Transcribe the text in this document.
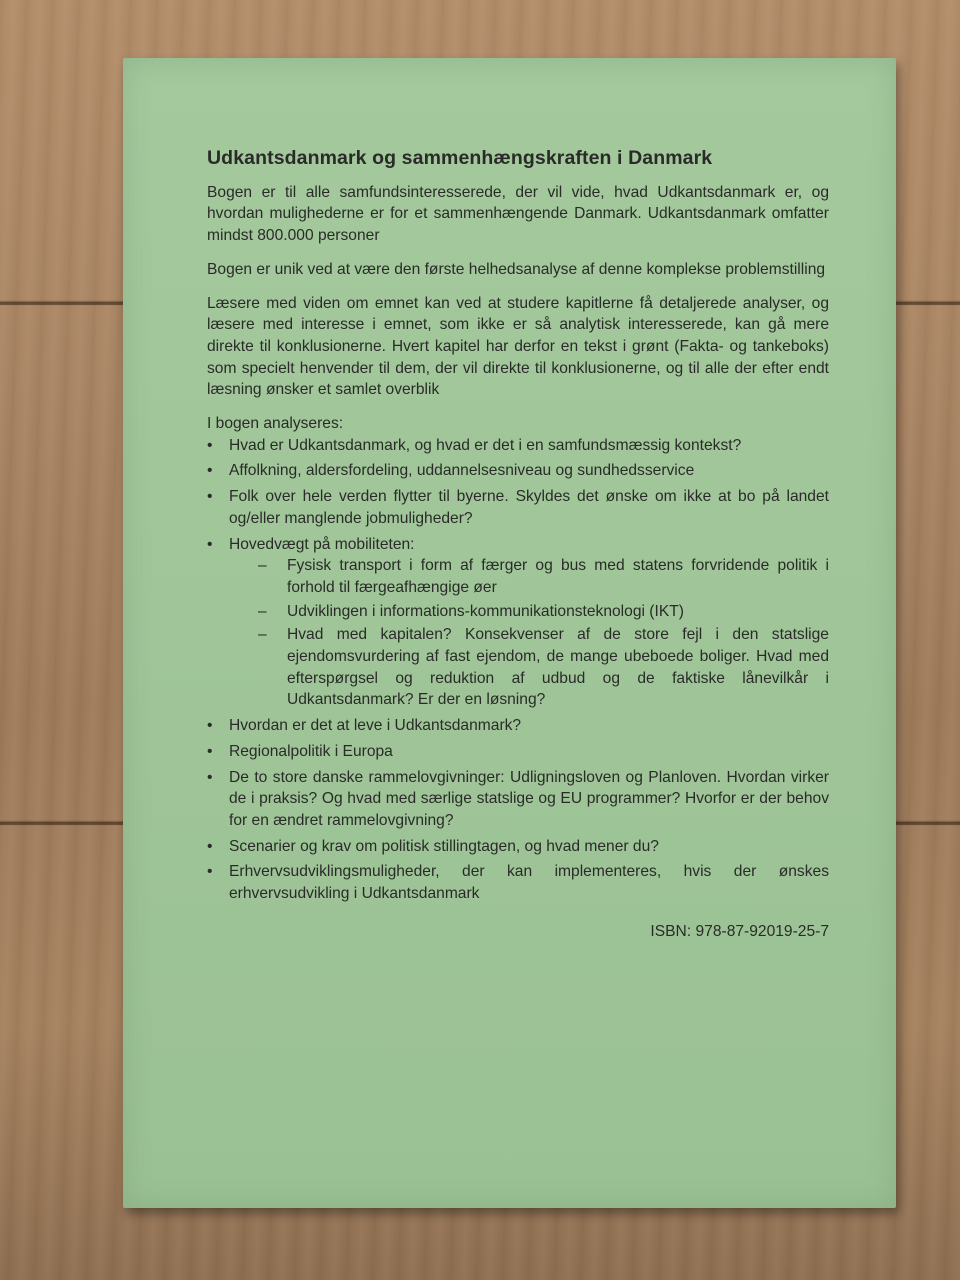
Udkantsdanmark og sammenhængskraften i Danmark

Bogen er til alle samfundsinteresserede, der vil vide, hvad Udkantsdanmark er, og hvordan mulighederne er for et sammenhængende Danmark. Udkantsdanmark omfatter mindst 800.000 personer

Bogen er unik ved at være den første helhedsanalyse af denne komplekse problemstilling

Læsere med viden om emnet kan ved at studere kapitlerne få detaljerede analyser, og læsere med interesse i emnet, som ikke er så analytisk interesserede, kan gå mere direkte til konklusionerne. Hvert kapitel har derfor en tekst i grønt (Fakta- og tankeboks) som specielt henvender til dem, der vil direkte til konklusionerne, og til alle der efter endt læsning ønsker et samlet overblik

I bogen analyseres:

• Hvad er Udkantsdanmark, og hvad er det i en samfundsmæssig kontekst?
• Affolkning, aldersfordeling, uddannelsesniveau og sundhedsservice
• Folk over hele verden flytter til byerne. Skyldes det ønske om ikke at bo på landet og/eller manglende jobmuligheder?
• Hovedvægt på mobiliteten:
– Fysisk transport i form af færger og bus med statens forvridende politik i forhold til færgeafhængige øer
– Udviklingen i informations-kommunikationsteknologi (IKT)
– Hvad med kapitalen? Konsekvenser af de store fejl i den statslige ejendomsvurdering af fast ejendom, de mange ubeboede boliger. Hvad med efterspørgsel og reduktion af udbud og de faktiske lånevilkår i Udkantsdanmark? Er der en løsning?
• Hvordan er det at leve i Udkantsdanmark?
• Regionalpolitik i Europa
• De to store danske rammelovgivninger: Udligningsloven og Planloven. Hvordan virker de i praksis? Og hvad med særlige statslige og EU programmer? Hvorfor er der behov for en ændret rammelovgivning?
• Scenarier og krav om politisk stillingtagen, og hvad mener du?
• Erhvervsudviklingsmuligheder, der kan implementeres, hvis der ønskes erhvervsudvikling i Udkantsdanmark
ISBN: 978-87-92019-25-7
